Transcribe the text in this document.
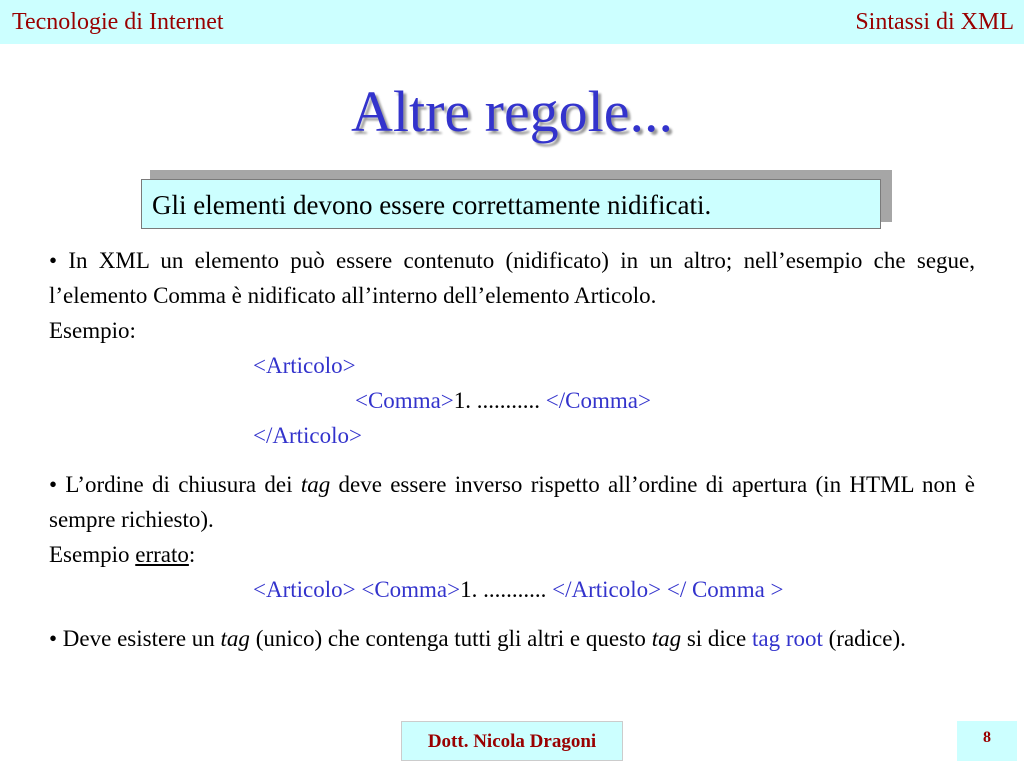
Tecnologie di Internet	Sintassi di XML
Altre regole...
Gli elementi devono essere correttamente nidificati.

• In XML un elemento può essere contenuto (nidificato) in un altro; nell’esempio che segue, l’elemento Comma è nidificato all’interno dell’elemento Articolo.

Esempio:
<Articolo>
<Comma>1. ........... </Comma>
</Articolo>

• L’ordine di chiusura dei tag deve essere inverso rispetto all’ordine di apertura (in HTML non è sempre richiesto).

Esempio errato:
<Articolo> <Comma>1. ........... </Articolo> </ Comma >

• Deve esistere un tag (unico) che contenga tutti gli altri e questo tag si dice tag root (radice).

Dott. Nicola Dragoni	8
